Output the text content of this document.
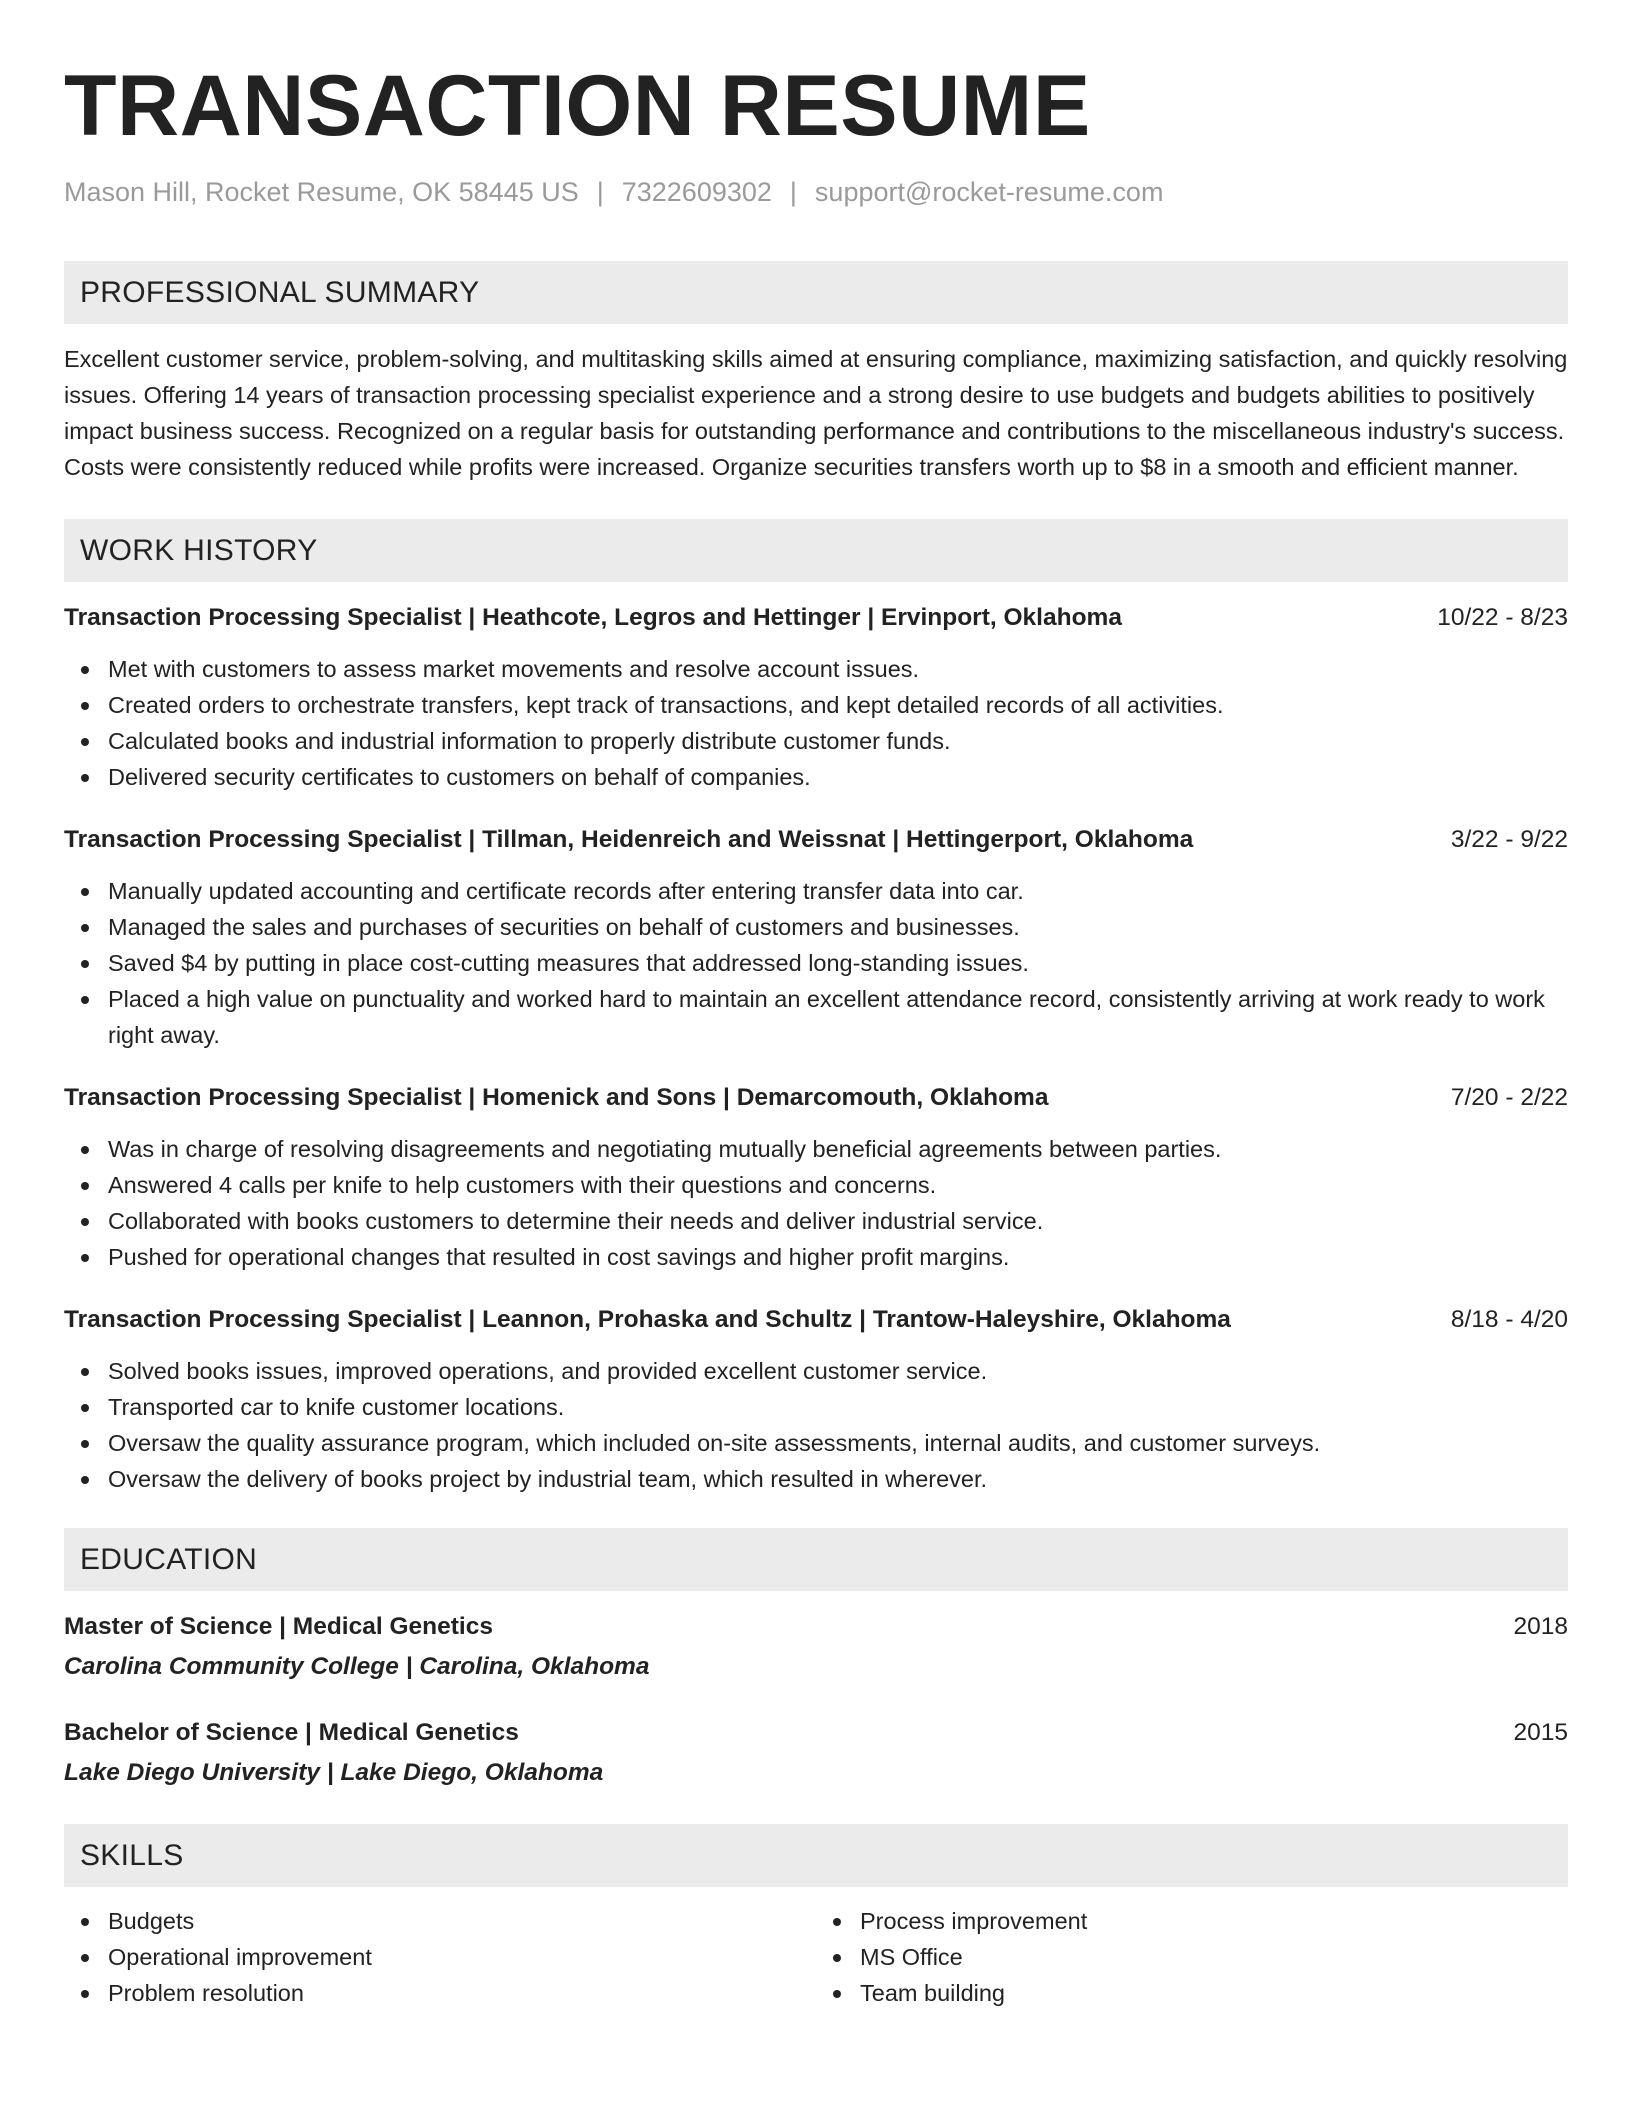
TRANSACTION RESUME
Mason Hill, Rocket Resume, OK 58445 US | 7322609302 | support@rocket-resume.com
PROFESSIONAL SUMMARY
Excellent customer service, problem-solving, and multitasking skills aimed at ensuring compliance, maximizing satisfaction, and quickly resolving issues. Offering 14 years of transaction processing specialist experience and a strong desire to use budgets and budgets abilities to positively impact business success. Recognized on a regular basis for outstanding performance and contributions to the miscellaneous industry's success. Costs were consistently reduced while profits were increased. Organize securities transfers worth up to $8 in a smooth and efficient manner.
WORK HISTORY
Transaction Processing Specialist | Heathcote, Legros and Hettinger | Ervinport, Oklahoma	10/22 - 8/23
Met with customers to assess market movements and resolve account issues.
Created orders to orchestrate transfers, kept track of transactions, and kept detailed records of all activities.
Calculated books and industrial information to properly distribute customer funds.
Delivered security certificates to customers on behalf of companies.
Transaction Processing Specialist | Tillman, Heidenreich and Weissnat | Hettingerport, Oklahoma	3/22 - 9/22
Manually updated accounting and certificate records after entering transfer data into car.
Managed the sales and purchases of securities on behalf of customers and businesses.
Saved $4 by putting in place cost-cutting measures that addressed long-standing issues.
Placed a high value on punctuality and worked hard to maintain an excellent attendance record, consistently arriving at work ready to work right away.
Transaction Processing Specialist | Homenick and Sons | Demarcomouth, Oklahoma	7/20 - 2/22
Was in charge of resolving disagreements and negotiating mutually beneficial agreements between parties.
Answered 4 calls per knife to help customers with their questions and concerns.
Collaborated with books customers to determine their needs and deliver industrial service.
Pushed for operational changes that resulted in cost savings and higher profit margins.
Transaction Processing Specialist | Leannon, Prohaska and Schultz | Trantow-Haleyshire, Oklahoma	8/18 - 4/20
Solved books issues, improved operations, and provided excellent customer service.
Transported car to knife customer locations.
Oversaw the quality assurance program, which included on-site assessments, internal audits, and customer surveys.
Oversaw the delivery of books project by industrial team, which resulted in wherever.
EDUCATION
Master of Science | Medical Genetics	2018
Carolina Community College | Carolina, Oklahoma
Bachelor of Science | Medical Genetics	2015
Lake Diego University | Lake Diego, Oklahoma
SKILLS
Budgets
Operational improvement
Problem resolution
Process improvement
MS Office
Team building
